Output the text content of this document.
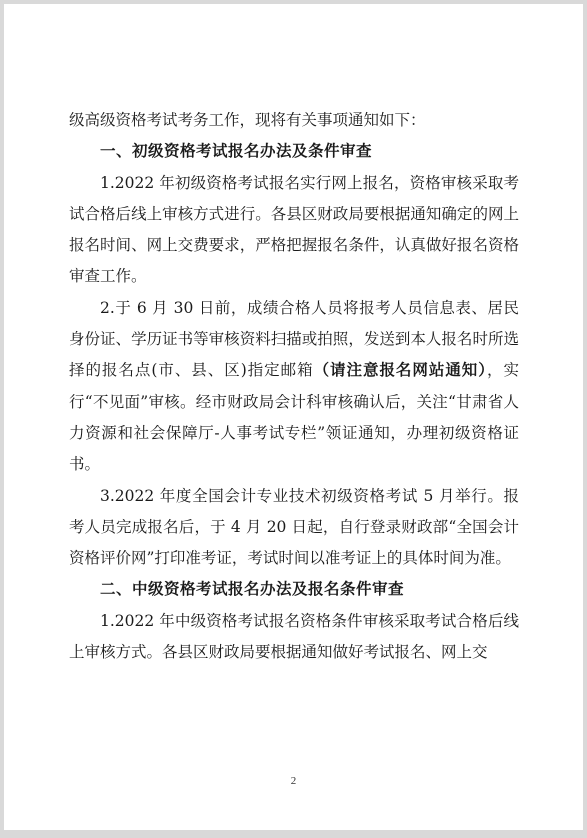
级高级资格考试考务工作，现将有关事项通知如下：

一、初级资格考试报名办法及条件审查

1.2022 年初级资格考试报名实行网上报名，资格审核采取考试合格后线上审核方式进行。各县区财政局要根据通知确定的网上报名时间、网上交费要求，严格把握报名条件，认真做好报名资格审查工作。

2.于 6 月 30 日前，成绩合格人员将报考人员信息表、居民身份证、学历证书等审核资料扫描或拍照，发送到本人报名时所选择的报名点(市、县、区)指定邮箱（请注意报名网站通知），实行“不见面”审核。经市财政局会计科审核确认后，关注“甘肃省人力资源和社会保障厅-人事考试专栏”领证通知，办理初级资格证书。

3.2022 年度全国会计专业技术初级资格考试 5 月举行。报考人员完成报名后，于 4 月 20 日起，自行登录财政部“全国会计资格评价网”打印准考证，考试时间以准考证上的具体时间为准。

二、中级资格考试报名办法及报名条件审查

1.2022 年中级资格考试报名资格条件审核采取考试合格后线上审核方式。各县区财政局要根据通知做好考试报名、网上交

2
